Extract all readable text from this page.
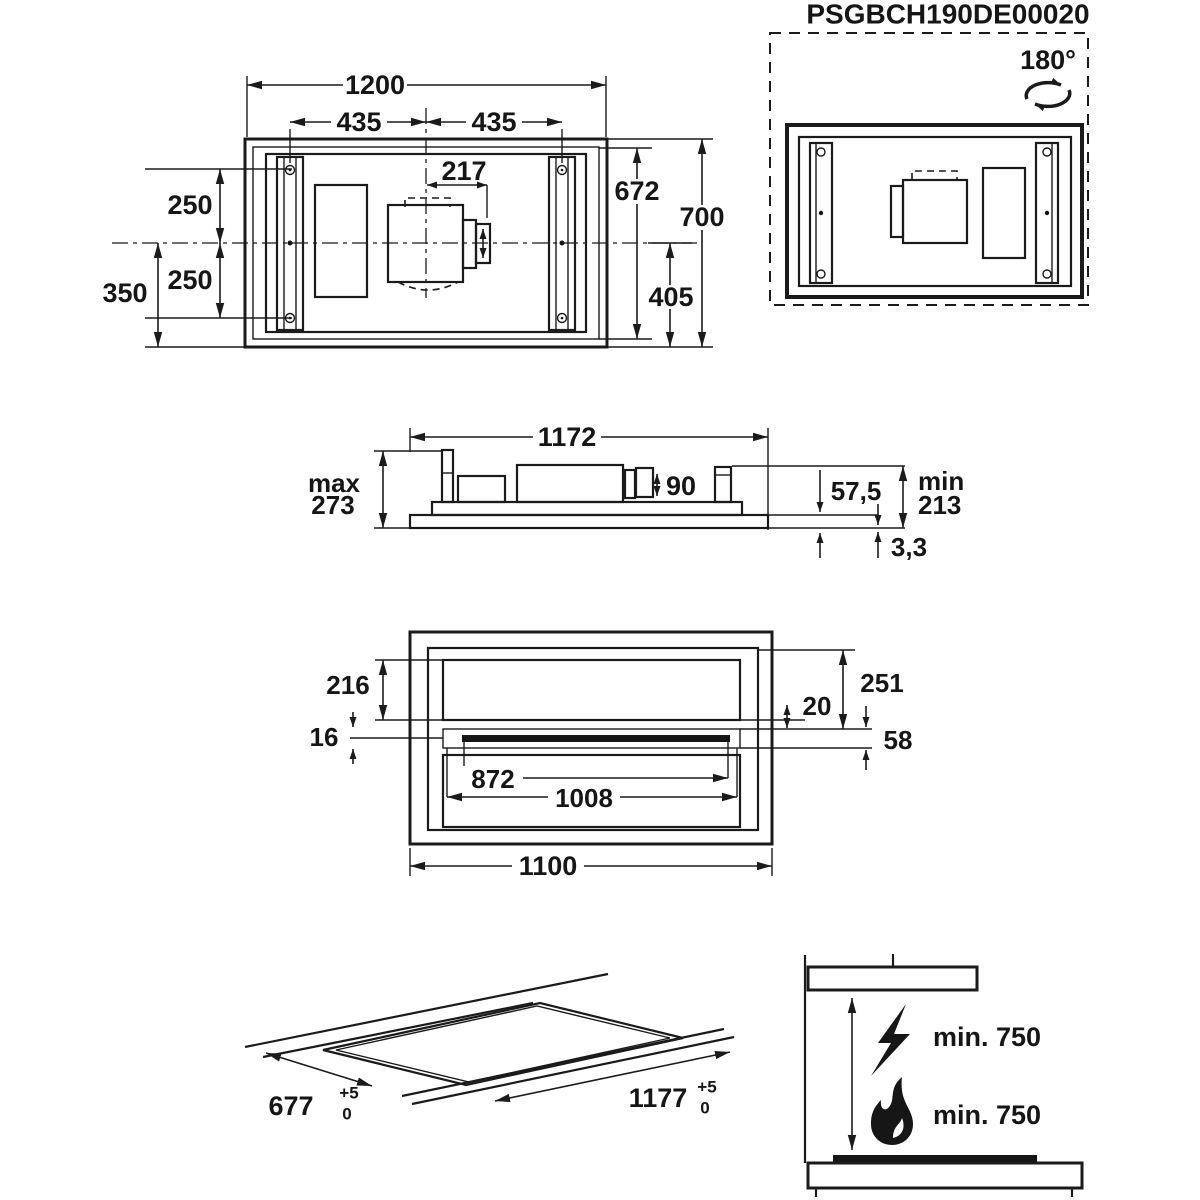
1200
435	435
217
672
700
405
250
250
350
PSGBCH190DE00020
180°
1172
max
273
90	57,5 min
213
3,3
216
16
251
20
58
872
1008
1100
677 +5
0
1177 +5
0
min. 750
min. 750
